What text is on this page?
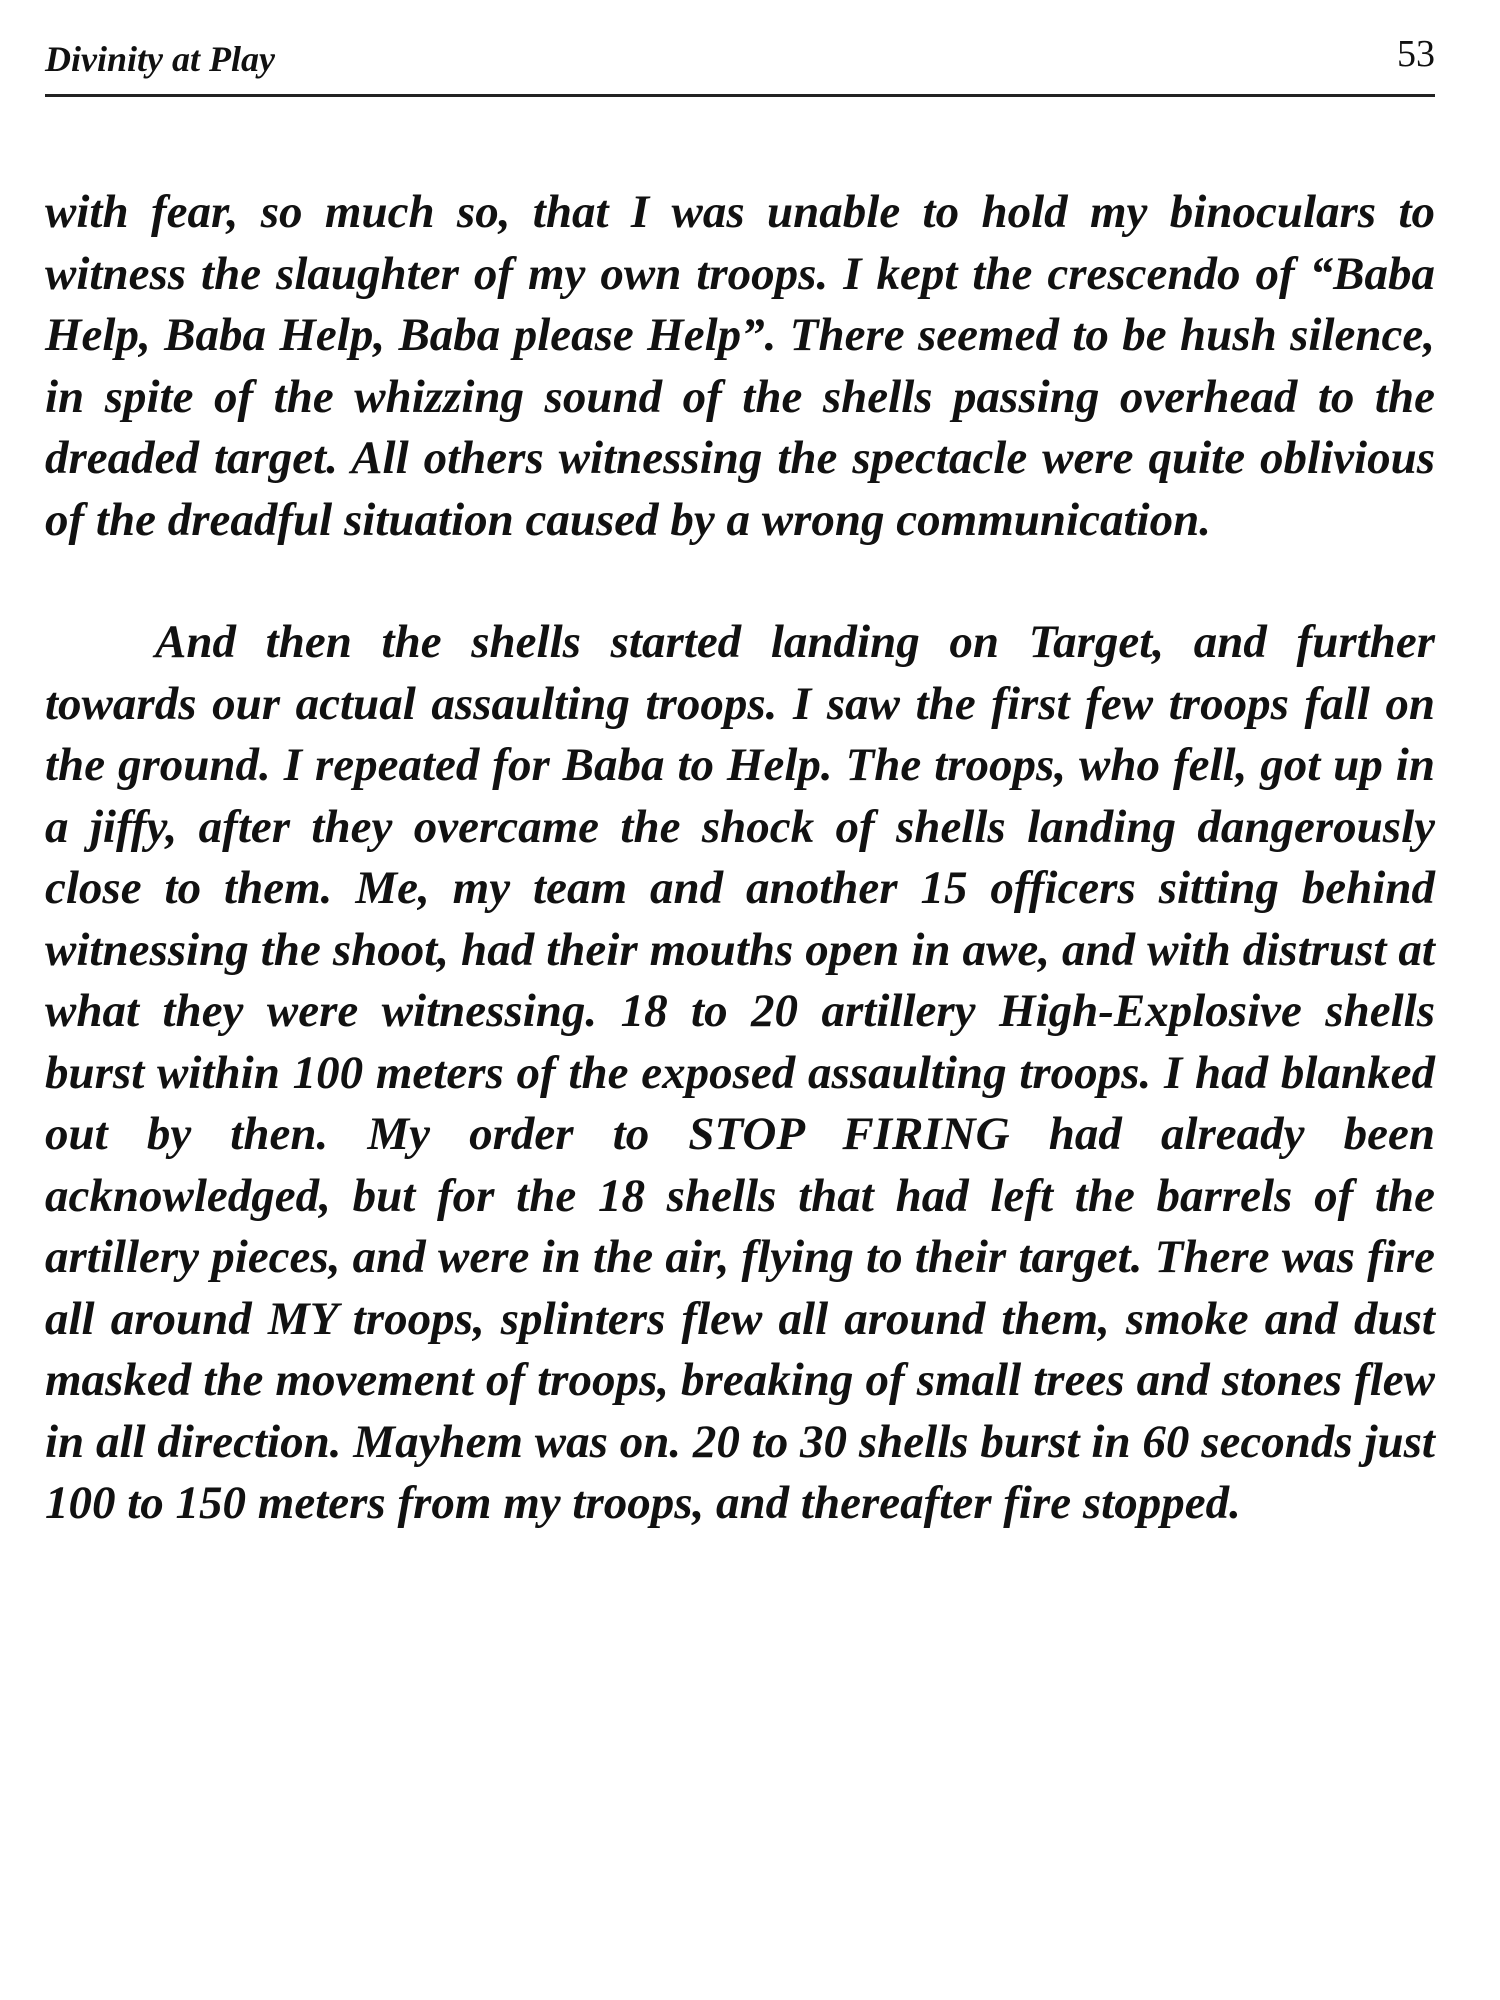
Divinity at Play	53

with fear, so much so, that I was unable to hold my binoculars to witness the slaughter of my own troops. I kept the crescendo of “Baba Help, Baba Help, Baba please Help”. There seemed to be hush silence, in spite of the whizzing sound of the shells passing overhead to the dreaded target. All others witnessing the spectacle were quite oblivious of the dreadful situation caused by a wrong communication.

And then the shells started landing on Target, and further towards our actual assaulting troops. I saw the first few troops fall on the ground. I repeated for Baba to Help. The troops, who fell, got up in a jiffy, after they overcame the shock of shells landing dangerously close to them. Me, my team and another 15 officers sitting behind witnessing the shoot, had their mouths open in awe, and with distrust at what they were witnessing. 18 to 20 artillery High-Explosive shells burst within 100 meters of the exposed assaulting troops. I had blanked out by then. My order to STOP FIRING had already been acknowledged, but for the 18 shells that had left the barrels of the artillery pieces, and were in the air, flying to their target. There was fire all around MY troops, splinters flew all around them, smoke and dust masked the movement of troops, breaking of small trees and stones flew in all direction. Mayhem was on. 20 to 30 shells burst in 60 seconds just 100 to 150 meters from my troops, and thereafter fire stopped.
